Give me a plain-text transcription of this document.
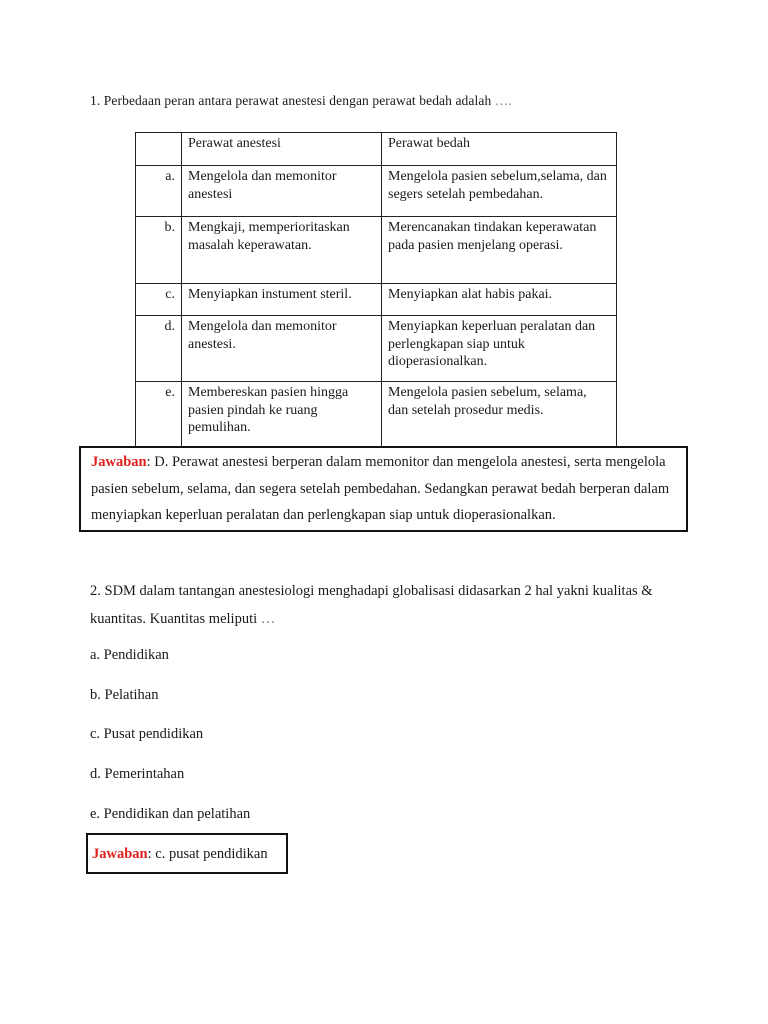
1. Perbedaan peran antara perawat anestesi dengan perawat bedah adalah ….
	Perawat anestesi	Perawat bedah
a.	Mengelola dan memonitor anestesi	Mengelola pasien sebelum,selama, dan segers setelah pembedahan.
b.	Mengkaji, memperioritaskan masalah keperawatan.	Merencanakan tindakan keperawatan pada pasien menjelang operasi.
c.	Menyiapkan instument steril.	Menyiapkan alat habis pakai.
d.	Mengelola dan memonitor anestesi.	Menyiapkan keperluan peralatan dan perlengkapan siap untuk dioperasionalkan.
e.	Membereskan pasien hingga pasien pindah ke ruang pemulihan.	Mengelola pasien sebelum, selama, dan setelah prosedur medis.
Jawaban: D. Perawat anestesi berperan dalam memonitor dan mengelola anestesi, serta mengelola pasien sebelum, selama, dan segera setelah pembedahan. Sedangkan perawat bedah berperan dalam menyiapkan keperluan peralatan dan perlengkapan siap untuk dioperasionalkan.
2. SDM dalam tantangan anestesiologi menghadapi globalisasi didasarkan 2 hal yakni kualitas & kuantitas. Kuantitas meliputi …
a. Pendidikan
b. Pelatihan
c. Pusat pendidikan
d. Pemerintahan
e. Pendidikan dan pelatihan
Jawaban: c. pusat pendidikan
